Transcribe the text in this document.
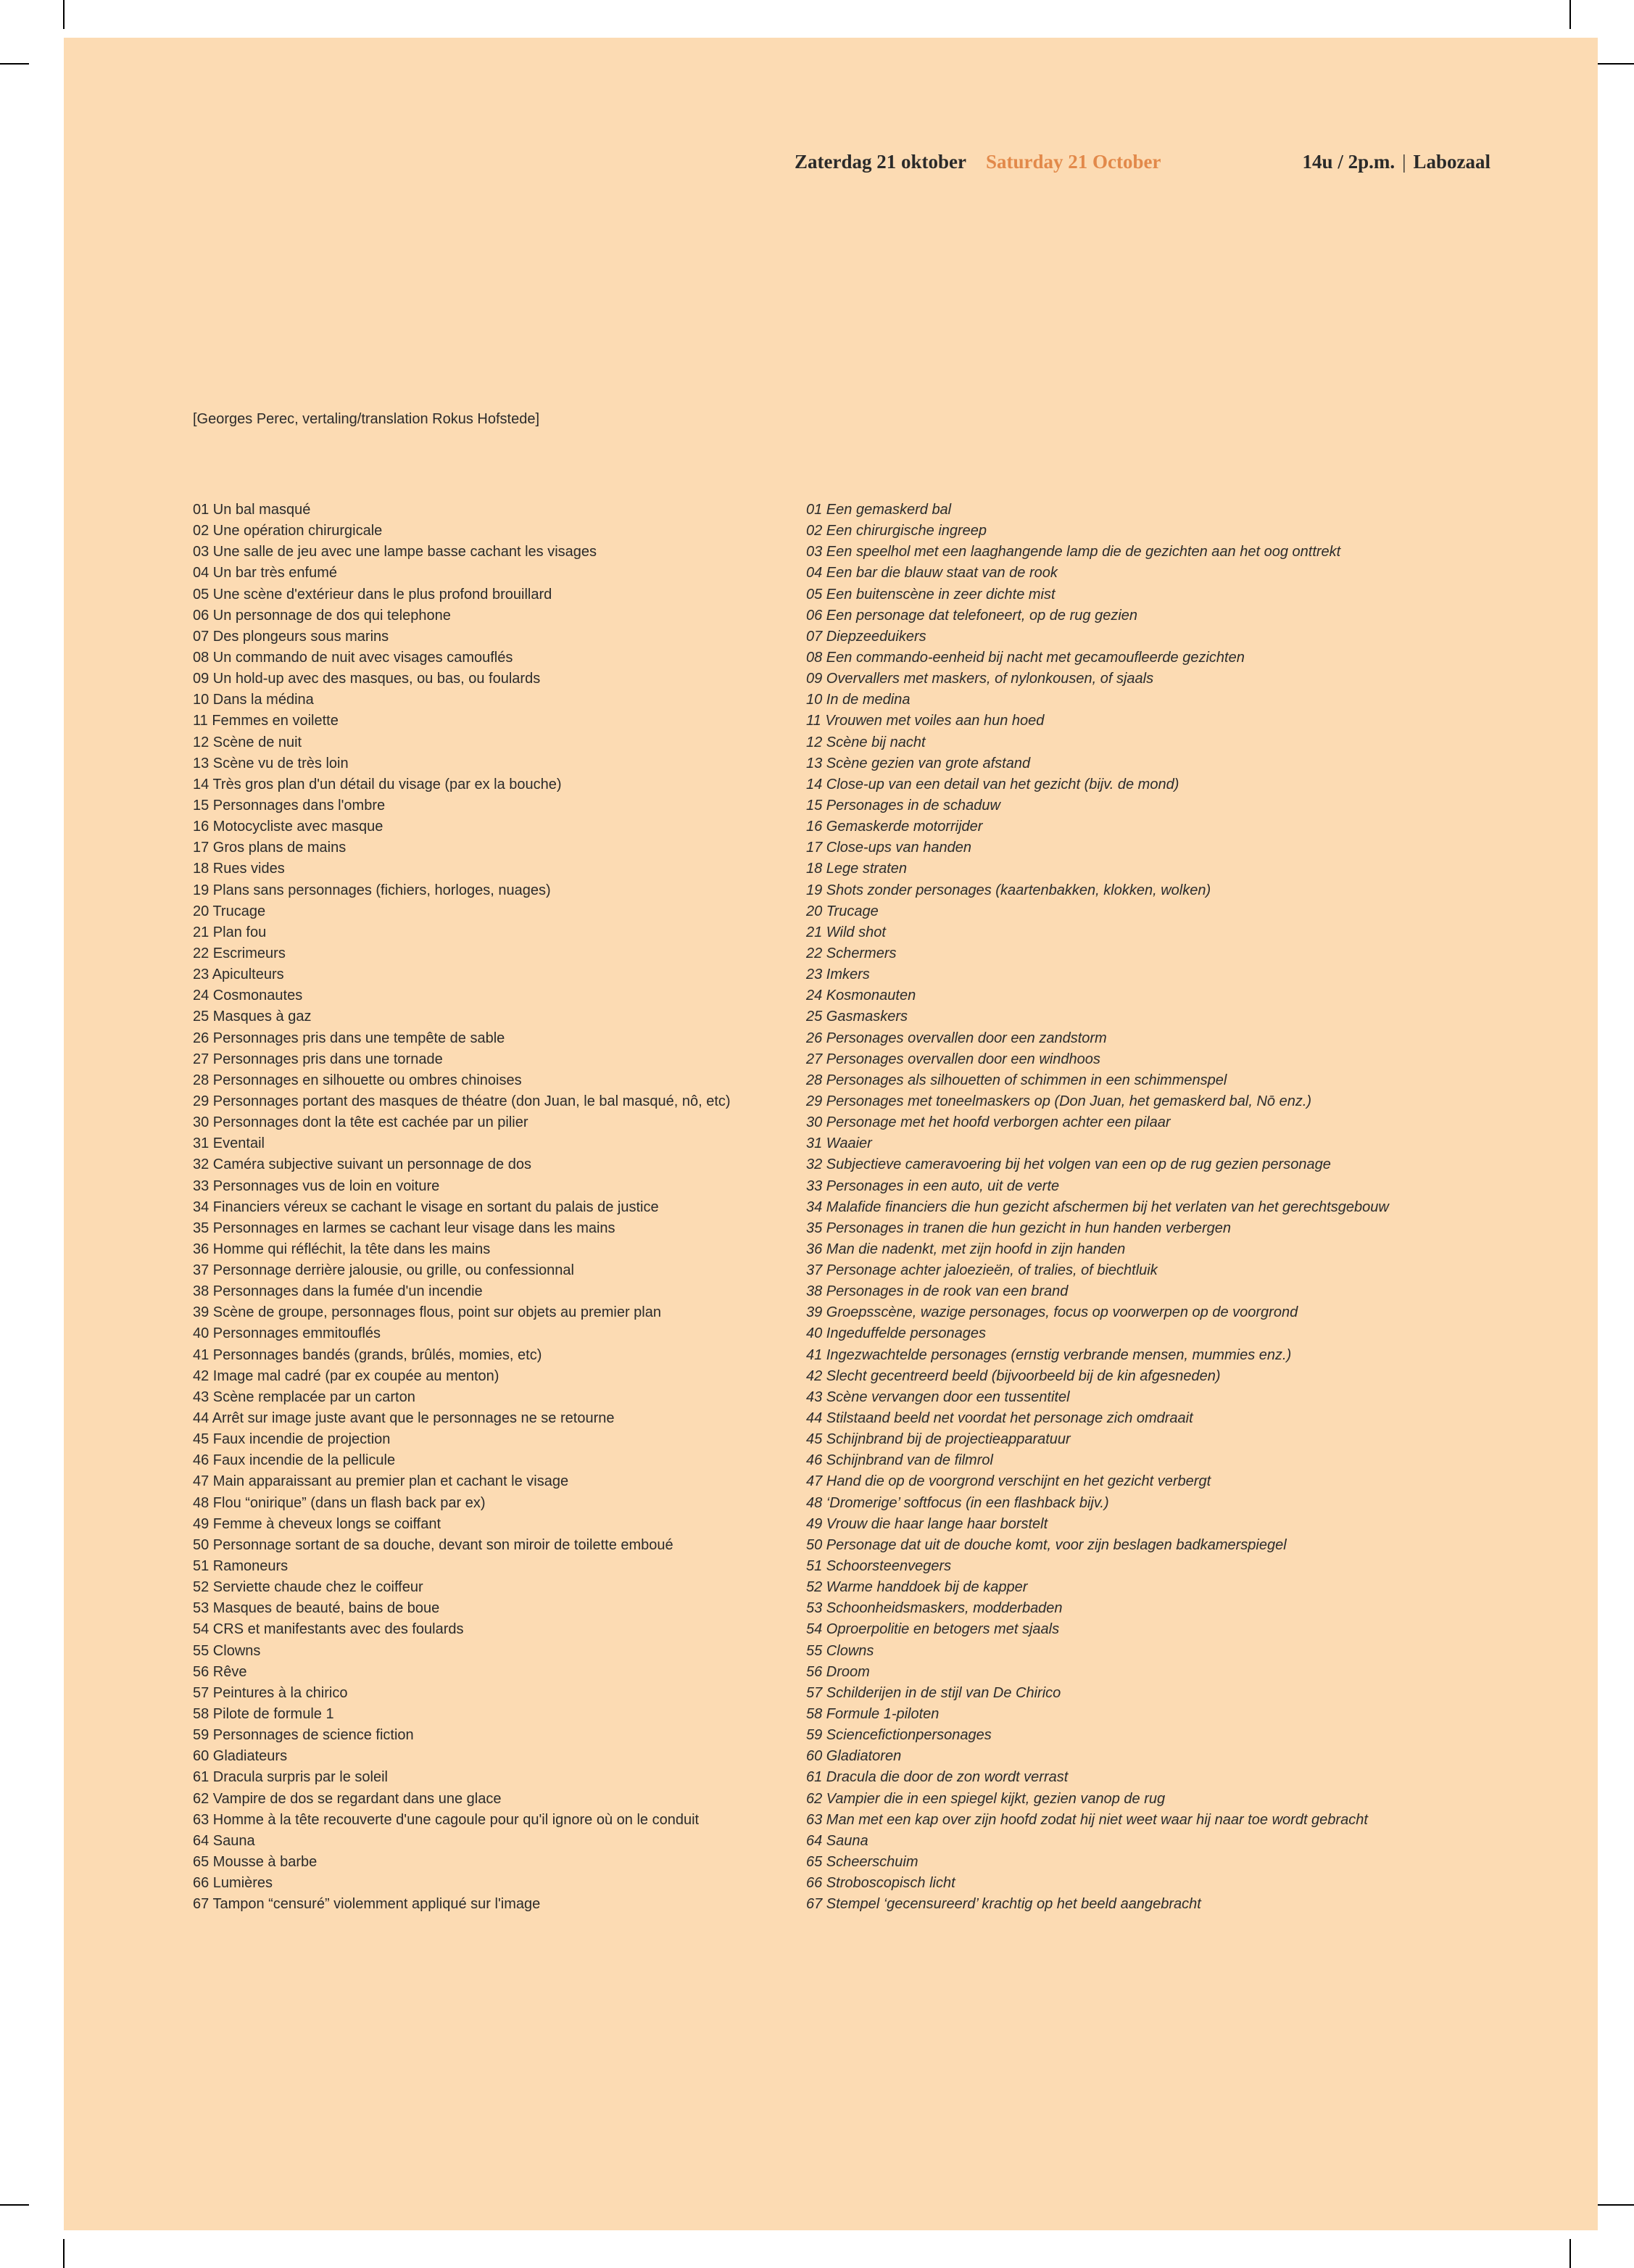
Zaterdag 21 oktober Saturday 21 October	14u / 2p.m. | Labozaal
[Georges Perec, vertaling/translation Rokus Hofstede]
01 Un bal masqué
02 Une opération chirurgicale
03 Une salle de jeu avec une lampe basse cachant les visages
04 Un bar très enfumé
05 Une scène d'extérieur dans le plus profond brouillard
06 Un personnage de dos qui telephone
07 Des plongeurs sous marins
08 Un commando de nuit avec visages camouflés
09 Un hold-up avec des masques, ou bas, ou foulards
10 Dans la médina
11 Femmes en voilette
12 Scène de nuit
13 Scène vu de très loin
14 Très gros plan d'un détail du visage (par ex la bouche)
15 Personnages dans l'ombre
16 Motocycliste avec masque
17 Gros plans de mains
18 Rues vides
19 Plans sans personnages (fichiers, horloges, nuages)
20 Trucage
21 Plan fou
22 Escrimeurs
23 Apiculteurs
24 Cosmonautes
25 Masques à gaz
26 Personnages pris dans une tempête de sable
27 Personnages pris dans une tornade
28 Personnages en silhouette ou ombres chinoises
29 Personnages portant des masques de théatre (don Juan, le bal masqué, nô, etc)
30 Personnages dont la tête est cachée par un pilier
31 Eventail
32 Caméra subjective suivant un personnage de dos
33 Personnages vus de loin en voiture
34 Financiers véreux se cachant le visage en sortant du palais de justice
35 Personnages en larmes se cachant leur visage dans les mains
36 Homme qui réfléchit, la tête dans les mains
37 Personnage derrière jalousie, ou grille, ou confessionnal
38 Personnages dans la fumée d'un incendie
39 Scène de groupe, personnages flous, point sur objets au premier plan
40 Personnages emmitouflés
41 Personnages bandés (grands, brûlés, momies, etc)
42 Image mal cadré (par ex coupée au menton)
43 Scène remplacée par un carton
44 Arrêt sur image juste avant que le personnages ne se retourne
45 Faux incendie de projection
46 Faux incendie de la pellicule
47 Main apparaissant au premier plan et cachant le visage
48 Flou “onirique” (dans un flash back par ex)
49 Femme à cheveux longs se coiffant
50 Personnage sortant de sa douche, devant son miroir de toilette emboué
51 Ramoneurs
52 Serviette chaude chez le coiffeur
53 Masques de beauté, bains de boue
54 CRS et manifestants avec des foulards
55 Clowns
56 Rêve
57 Peintures à la chirico
58 Pilote de formule 1
59 Personnages de science fiction
60 Gladiateurs
61 Dracula surpris par le soleil
62 Vampire de dos se regardant dans une glace
63 Homme à la tête recouverte d'une cagoule pour qu'il ignore où on le conduit
64 Sauna
65 Mousse à barbe
66 Lumières
67 Tampon “censuré” violemment appliqué sur l'image
01 Een gemaskerd bal
02 Een chirurgische ingreep
03 Een speelhol met een laaghangende lamp die de gezichten aan het oog onttrekt
04 Een bar die blauw staat van de rook
05 Een buitenscène in zeer dichte mist
06 Een personage dat telefoneert, op de rug gezien
07 Diepzeeduikers
08 Een commando-eenheid bij nacht met gecamoufleerde gezichten
09 Overvallers met maskers, of nylonkousen, of sjaals
10 In de medina
11 Vrouwen met voiles aan hun hoed
12 Scène bij nacht
13 Scène gezien van grote afstand
14 Close-up van een detail van het gezicht (bijv. de mond)
15 Personages in de schaduw
16 Gemaskerde motorrijder
17 Close-ups van handen
18 Lege straten
19 Shots zonder personages (kaartenbakken, klokken, wolken)
20 Trucage
21 Wild shot
22 Schermers
23 Imkers
24 Kosmonauten
25 Gasmaskers
26 Personages overvallen door een zandstorm
27 Personages overvallen door een windhoos
28 Personages als silhouetten of schimmen in een schimmenspel
29 Personages met toneelmaskers op (Don Juan, het gemaskerd bal, Nō enz.)
30 Personage met het hoofd verborgen achter een pilaar
31 Waaier
32 Subjectieve cameravoering bij het volgen van een op de rug gezien personage
33 Personages in een auto, uit de verte
34 Malafide financiers die hun gezicht afschermen bij het verlaten van het gerechtsgebouw
35 Personages in tranen die hun gezicht in hun handen verbergen
36 Man die nadenkt, met zijn hoofd in zijn handen
37 Personage achter jaloezieën, of tralies, of biechtluik
38 Personages in de rook van een brand
39 Groepsscène, wazige personages, focus op voorwerpen op de voorgrond
40 Ingeduffelde personages
41 Ingezwachtelde personages (ernstig verbrande mensen, mummies enz.)
42 Slecht gecentreerd beeld (bijvoorbeeld bij de kin afgesneden)
43 Scène vervangen door een tussentitel
44 Stilstaand beeld net voordat het personage zich omdraait
45 Schijnbrand bij de projectieapparatuur
46 Schijnbrand van de filmrol
47 Hand die op de voorgrond verschijnt en het gezicht verbergt
48 ‘Dromerige’ softfocus (in een flashback bijv.)
49 Vrouw die haar lange haar borstelt
50 Personage dat uit de douche komt, voor zijn beslagen badkamerspiegel
51 Schoorsteenvegers
52 Warme handdoek bij de kapper
53 Schoonheidsmaskers, modderbaden
54 Oproerpolitie en betogers met sjaals
55 Clowns
56 Droom
57 Schilderijen in de stijl van De Chirico
58 Formule 1-piloten
59 Sciencefictionpersonages
60 Gladiatoren
61 Dracula die door de zon wordt verrast
62 Vampier die in een spiegel kijkt, gezien vanop de rug
63 Man met een kap over zijn hoofd zodat hij niet weet waar hij naar toe wordt gebracht
64 Sauna
65 Scheerschuim
66 Stroboscopisch licht
67 Stempel ‘gecensureerd’ krachtig op het beeld aangebracht
